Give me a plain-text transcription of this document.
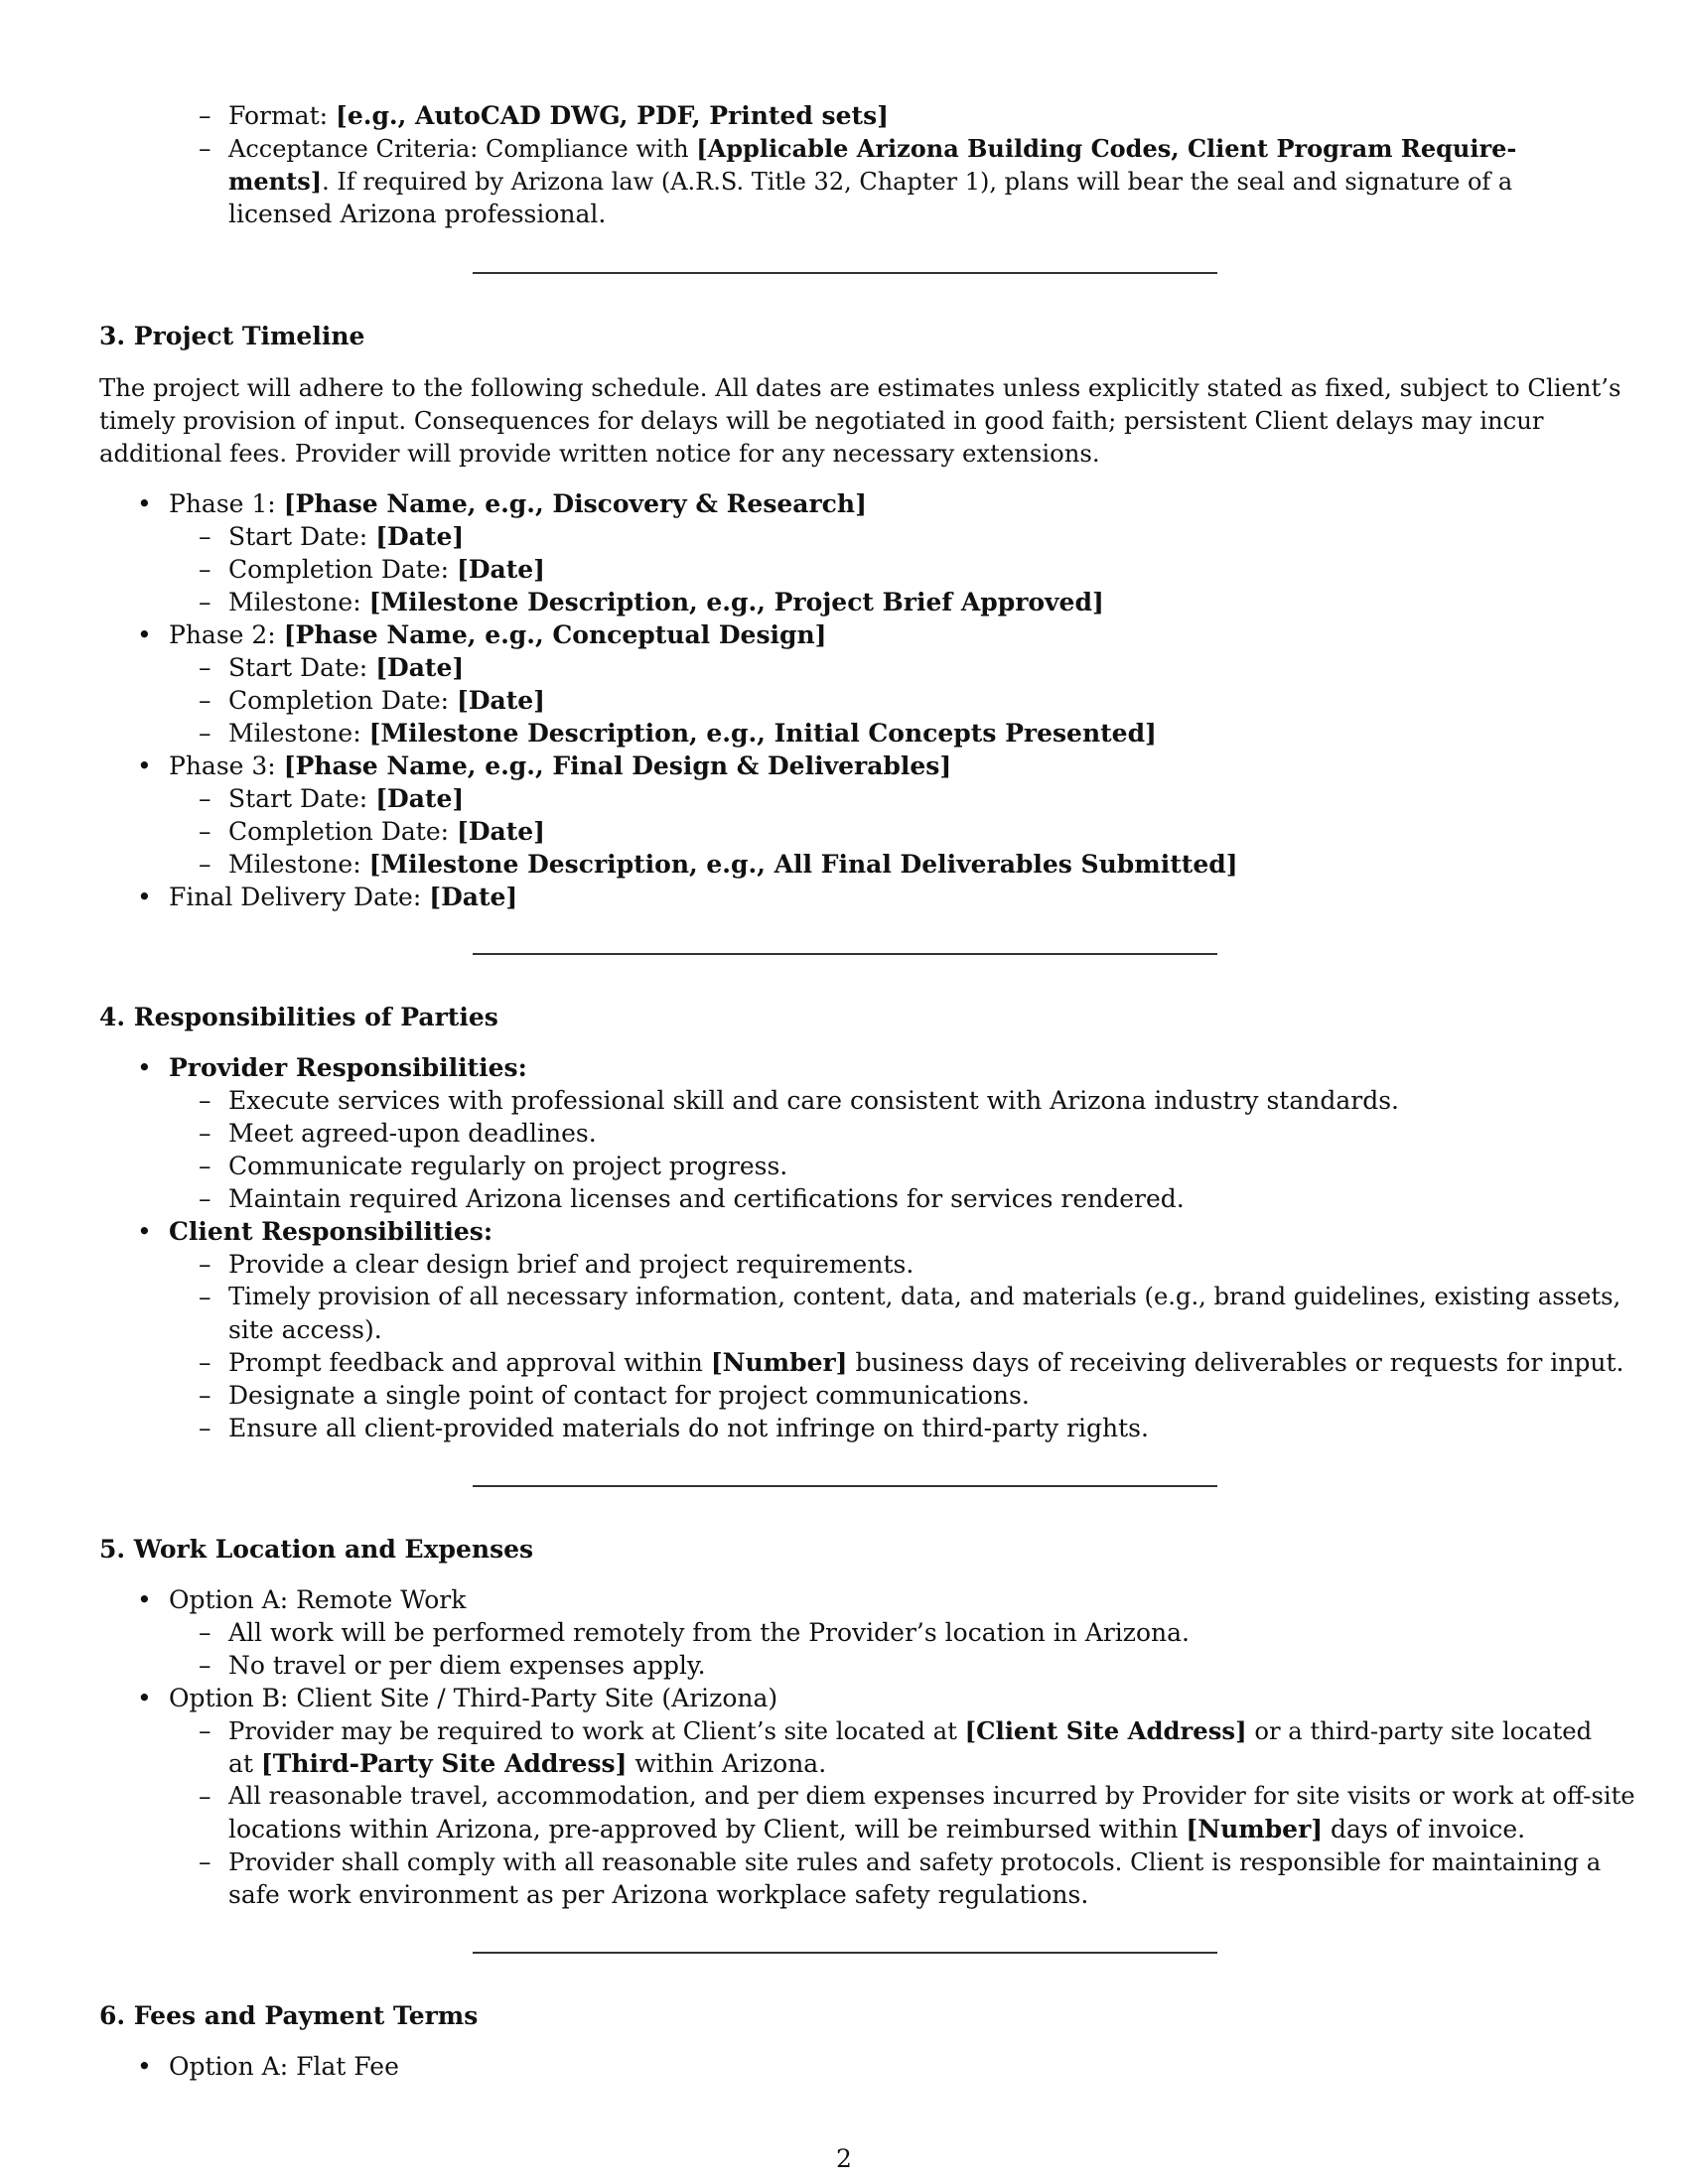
– Format: [e.g., AutoCAD DWG, PDF, Printed sets]
– Acceptance Criteria: Compliance with [Applicable Arizona Building Codes, Client Program Require-
ments]. If required by Arizona law (A.R.S. Title 32, Chapter 1), plans will bear the seal and signature of a
licensed Arizona professional.
3. Project Timeline
The project will adhere to the following schedule. All dates are estimates unless explicitly stated as fixed, subject to Client’s
timely provision of input. Consequences for delays will be negotiated in good faith; persistent Client delays may incur
additional fees. Provider will provide written notice for any necessary extensions.
• Phase 1: [Phase Name, e.g., Discovery & Research]
– Start Date: [Date]
– Completion Date: [Date]
– Milestone: [Milestone Description, e.g., Project Brief Approved]
• Phase 2: [Phase Name, e.g., Conceptual Design]
– Start Date: [Date]
– Completion Date: [Date]
– Milestone: [Milestone Description, e.g., Initial Concepts Presented]
• Phase 3: [Phase Name, e.g., Final Design & Deliverables]
– Start Date: [Date]
– Completion Date: [Date]
– Milestone: [Milestone Description, e.g., All Final Deliverables Submitted]
• Final Delivery Date: [Date]
4. Responsibilities of Parties
• Provider Responsibilities:
– Execute services with professional skill and care consistent with Arizona industry standards.
– Meet agreed-upon deadlines.
– Communicate regularly on project progress.
– Maintain required Arizona licenses and certifications for services rendered.
• Client Responsibilities:
– Provide a clear design brief and project requirements.
– Timely provision of all necessary information, content, data, and materials (e.g., brand guidelines, existing assets,
site access).
– Prompt feedback and approval within [Number] business days of receiving deliverables or requests for input.
– Designate a single point of contact for project communications.
– Ensure all client-provided materials do not infringe on third-party rights.
5. Work Location and Expenses
• Option A: Remote Work
– All work will be performed remotely from the Provider’s location in Arizona.
– No travel or per diem expenses apply.
• Option B: Client Site / Third-Party Site (Arizona)
– Provider may be required to work at Client’s site located at [Client Site Address] or a third-party site located
at [Third-Party Site Address] within Arizona.
– All reasonable travel, accommodation, and per diem expenses incurred by Provider for site visits or work at off-site
locations within Arizona, pre-approved by Client, will be reimbursed within [Number] days of invoice.
– Provider shall comply with all reasonable site rules and safety protocols. Client is responsible for maintaining a
safe work environment as per Arizona workplace safety regulations.
6. Fees and Payment Terms
• Option A: Flat Fee
2
